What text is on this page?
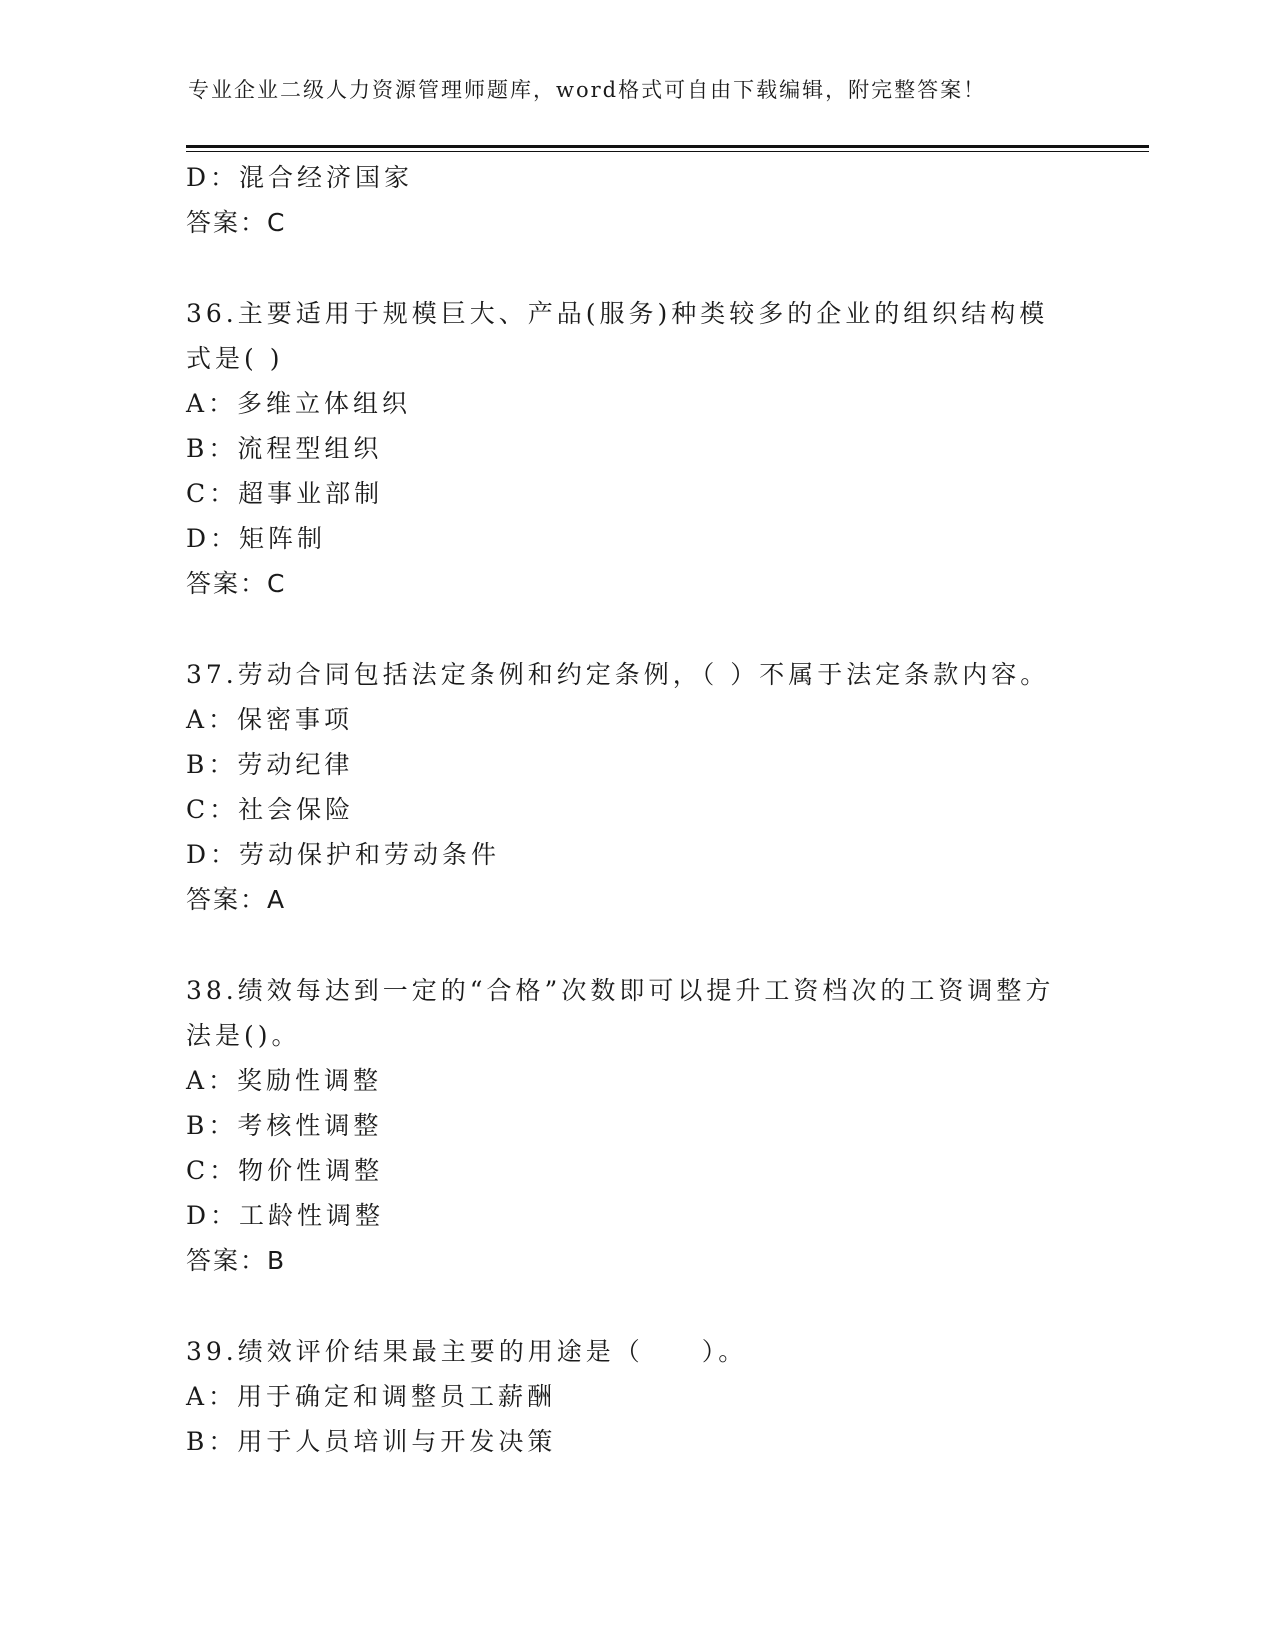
专业企业二级人力资源管理师题库，word格式可自由下载编辑，附完整答案！
D：混合经济国家
答案：C
36.主要适用于规模巨大、产品(服务)种类较多的企业的组织结构模式是( )
A：多维立体组织
B：流程型组织
C：超事业部制
D：矩阵制
答案：C
37.劳动合同包括法定条例和约定条例，（ ）不属于法定条款内容。
A：保密事项
B：劳动纪律
C：社会保险
D：劳动保护和劳动条件
答案：A
38.绩效每达到一定的“合格”次数即可以提升工资档次的工资调整方法是()。
A：奖励性调整
B：考核性调整
C：物价性调整
D：工龄性调整
答案：B
39.绩效评价结果最主要的用途是（　　）。
A：用于确定和调整员工薪酬
B：用于人员培训与开发决策
